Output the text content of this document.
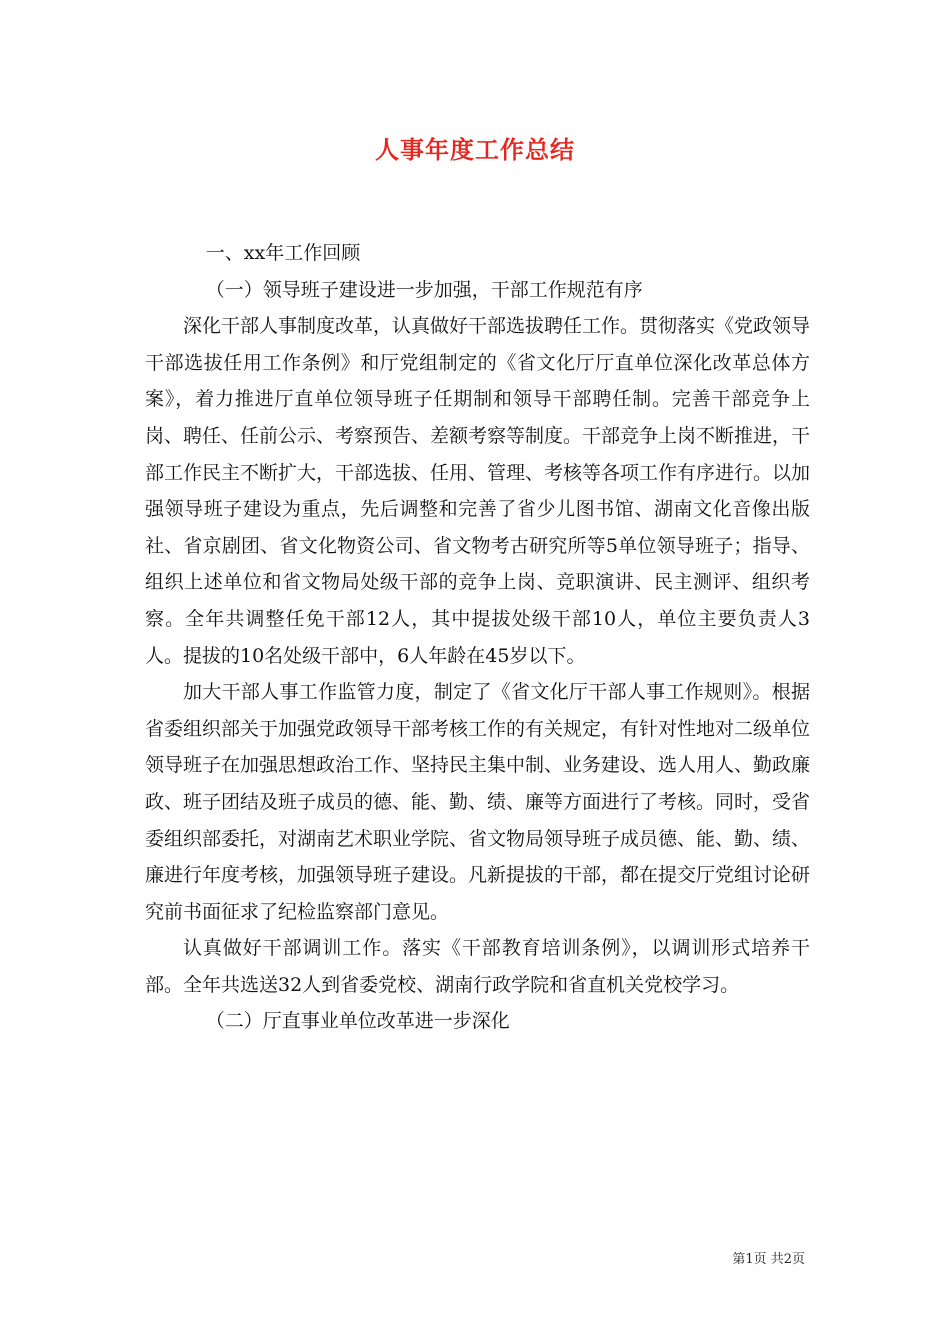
人事年度工作总结

一、xx年工作回顾

（一）领导班子建设进一步加强，干部工作规范有序

深化干部人事制度改革，认真做好干部选拔聘任工作。贯彻落实《党政领导干部选拔任用工作条例》和厅党组制定的《省文化厅厅直单位深化改革总体方案》，着力推进厅直单位领导班子任期制和领导干部聘任制。完善干部竞争上岗、聘任、任前公示、考察预告、差额考察等制度。干部竞争上岗不断推进，干部工作民主不断扩大，干部选拔、任用、管理、考核等各项工作有序进行。以加强领导班子建设为重点，先后调整和完善了省少儿图书馆、湖南文化音像出版社、省京剧团、省文化物资公司、省文物考古研究所等5单位领导班子；指导、组织上述单位和省文物局处级干部的竞争上岗、竞职演讲、民主测评、组织考察。全年共调整任免干部12人，其中提拔处级干部10人，单位主要负责人3人。提拔的10名处级干部中，6人年龄在45岁以下。

加大干部人事工作监管力度，制定了《省文化厅干部人事工作规则》。根据省委组织部关于加强党政领导干部考核工作的有关规定，有针对性地对二级单位领导班子在加强思想政治工作、坚持民主集中制、业务建设、选人用人、勤政廉政、班子团结及班子成员的德、能、勤、绩、廉等方面进行了考核。同时，受省委组织部委托，对湖南艺术职业学院、省文物局领导班子成员德、能、勤、绩、廉进行年度考核，加强领导班子建设。凡新提拔的干部，都在提交厅党组讨论研究前书面征求了纪检监察部门意见。

认真做好干部调训工作。落实《干部教育培训条例》，以调训形式培养干部。全年共选送32人到省委党校、湖南行政学院和省直机关党校学习。

（二）厅直事业单位改革进一步深化

第1页 共2页
